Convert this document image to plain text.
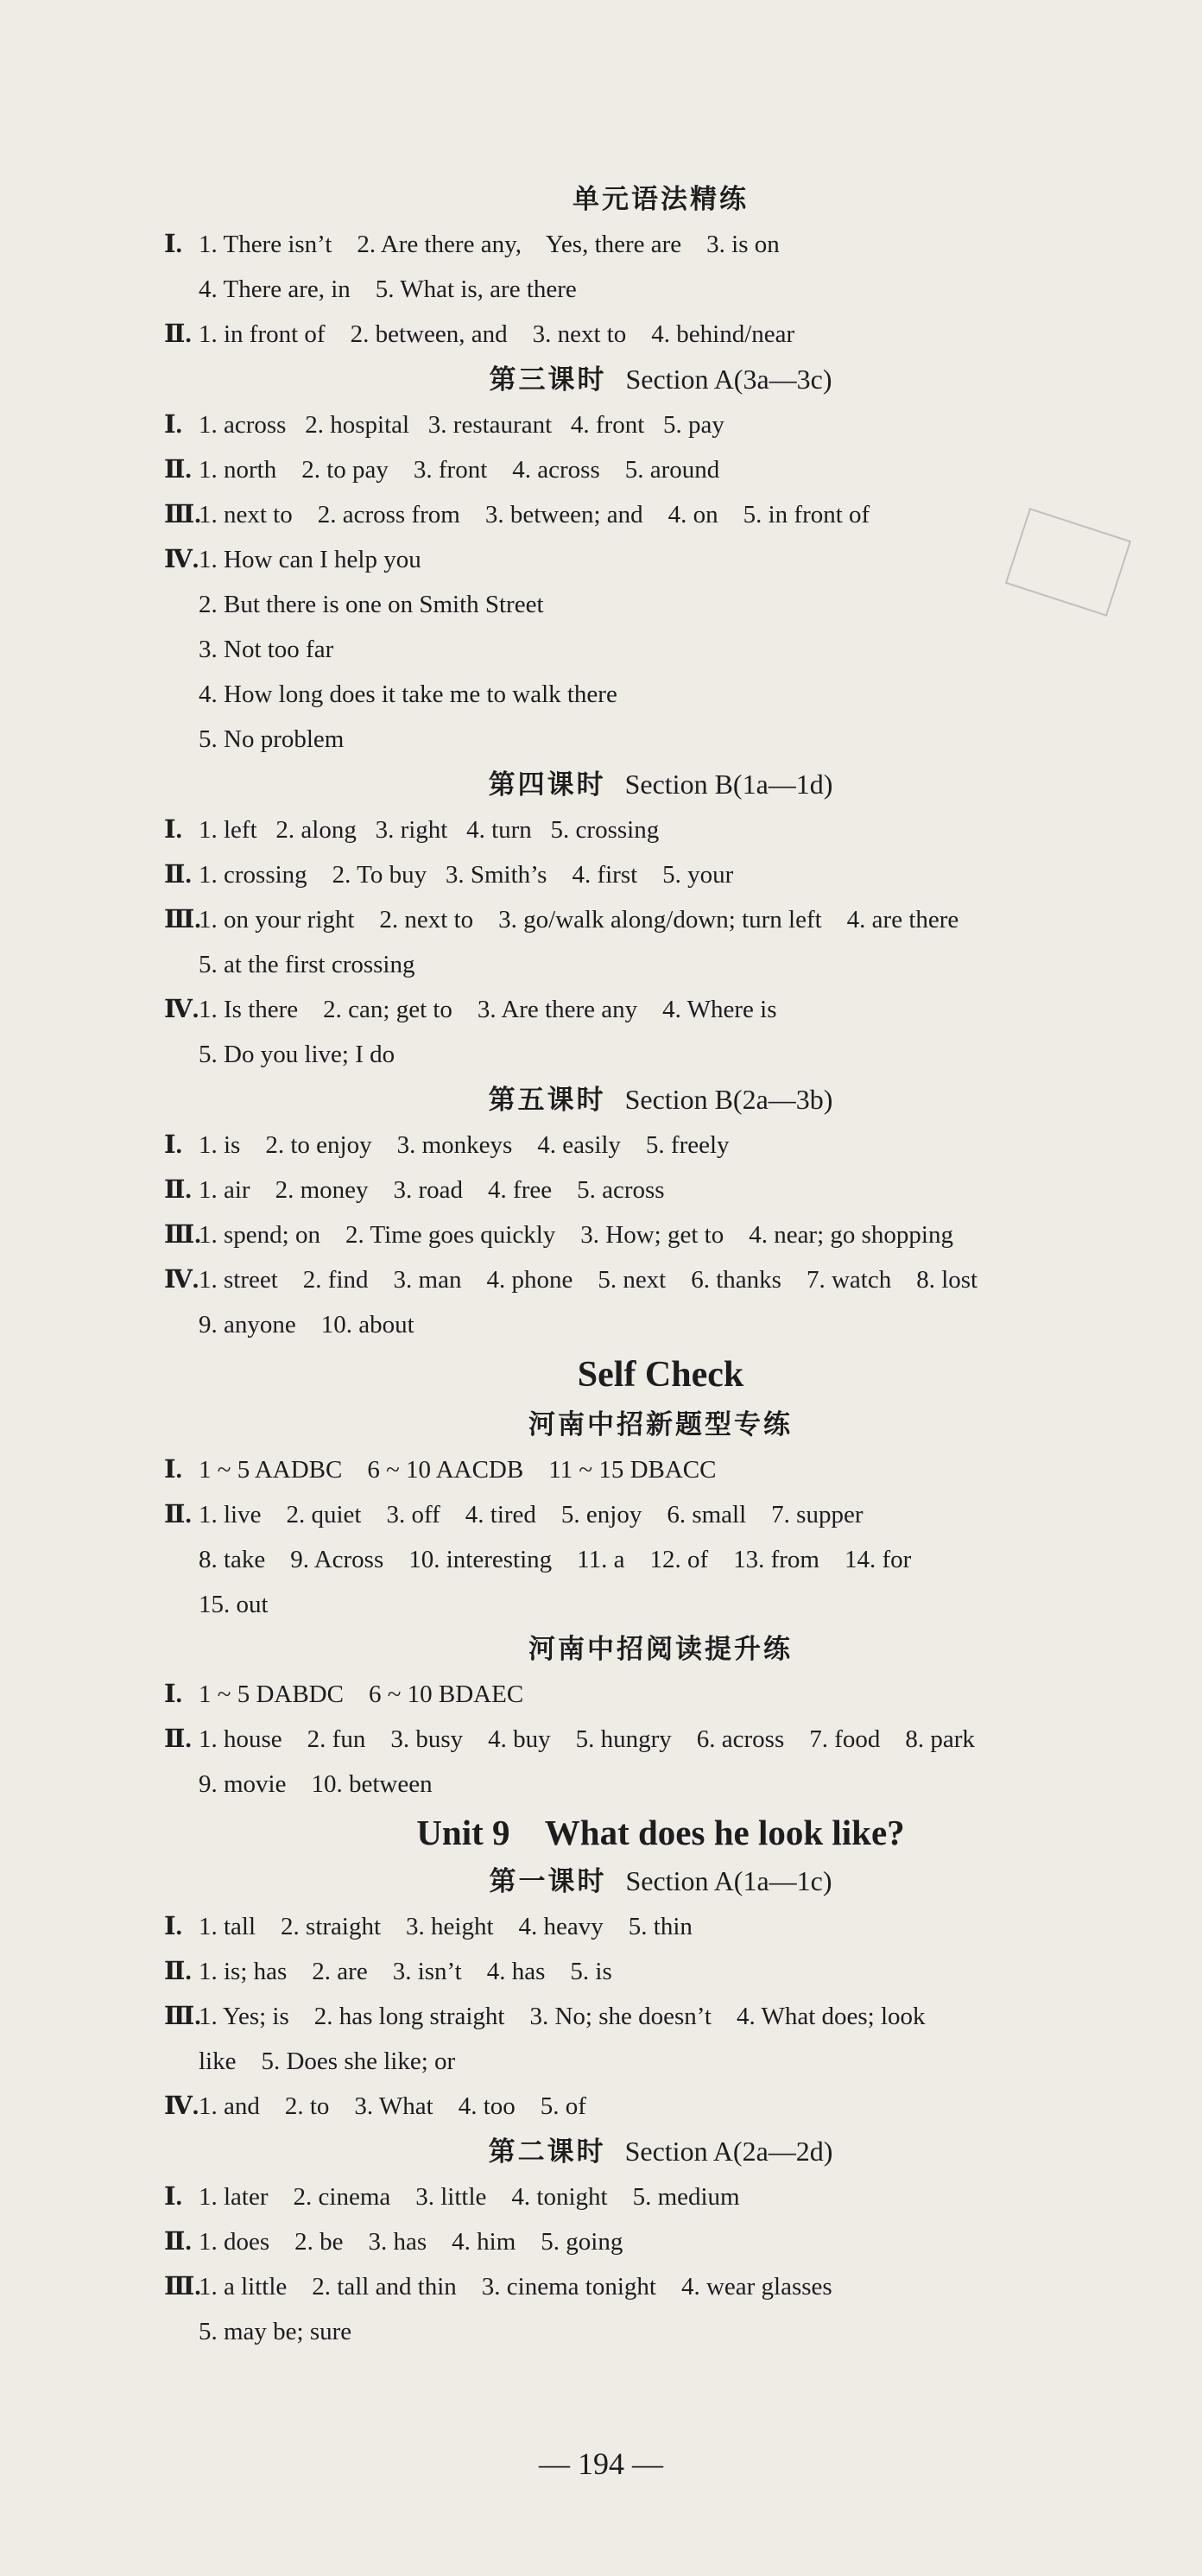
单元语法精练
Ⅰ. 1. There isn’t    2. Are there any,    Yes, there are    3. is on
4. There are, in    5. What is, are there
Ⅱ. 1. in front of    2. between, and    3. next to    4. behind/near
第三课时 Section A(3a—3c)
Ⅰ. 1. across   2. hospital   3. restaurant   4. front   5. pay
Ⅱ. 1. north    2. to pay    3. front    4. across    5. around
Ⅲ.1. next to    2. across from    3. between; and    4. on    5. in front of
Ⅳ.1. How can I help you
2. But there is one on Smith Street
3. Not too far
4. How long does it take me to walk there
5. No problem
第四课时 Section B(1a—1d)
Ⅰ. 1. left   2. along   3. right   4. turn   5. crossing
Ⅱ. 1. crossing    2. To buy   3. Smith’s    4. first    5. your
Ⅲ.1. on your right    2. next to    3. go/walk along/down; turn left    4. are there
5. at the first crossing
Ⅳ.1. Is there    2. can; get to    3. Are there any    4. Where is
5. Do you live; I do
第五课时 Section B(2a—3b)
Ⅰ. 1. is    2. to enjoy    3. monkeys    4. easily    5. freely
Ⅱ. 1. air    2. money    3. road    4. free    5. across
Ⅲ.1. spend; on    2. Time goes quickly    3. How; get to    4. near; go shopping
Ⅳ.1. street    2. find    3. man    4. phone    5. next    6. thanks    7. watch    8. lost
9. anyone    10. about
Self Check
河南中招新题型专练
Ⅰ. 1 ~ 5 AADBC    6 ~ 10 AACDB    11 ~ 15 DBACC
Ⅱ. 1. live    2. quiet    3. off    4. tired    5. enjoy    6. small    7. supper
8. take    9. Across    10. interesting    11. a    12. of    13. from    14. for
15. out
河南中招阅读提升练
Ⅰ. 1 ~ 5 DABDC    6 ~ 10 BDAEC
Ⅱ. 1. house    2. fun    3. busy    4. buy    5. hungry    6. across    7. food    8. park
9. movie    10. between
Unit 9    What does he look like?
第一课时 Section A(1a—1c)
Ⅰ. 1. tall    2. straight    3. height    4. heavy    5. thin
Ⅱ. 1. is; has    2. are    3. isn’t    4. has    5. is
Ⅲ.1. Yes; is    2. has long straight    3. No; she doesn’t    4. What does; look
like    5. Does she like; or
Ⅳ.1. and    2. to    3. What    4. too    5. of
第二课时 Section A(2a—2d)
Ⅰ. 1. later    2. cinema    3. little    4. tonight    5. medium
Ⅱ. 1. does    2. be    3. has    4. him    5. going
Ⅲ.1. a little    2. tall and thin    3. cinema tonight    4. wear glasses
5. may be; sure
— 194 —
